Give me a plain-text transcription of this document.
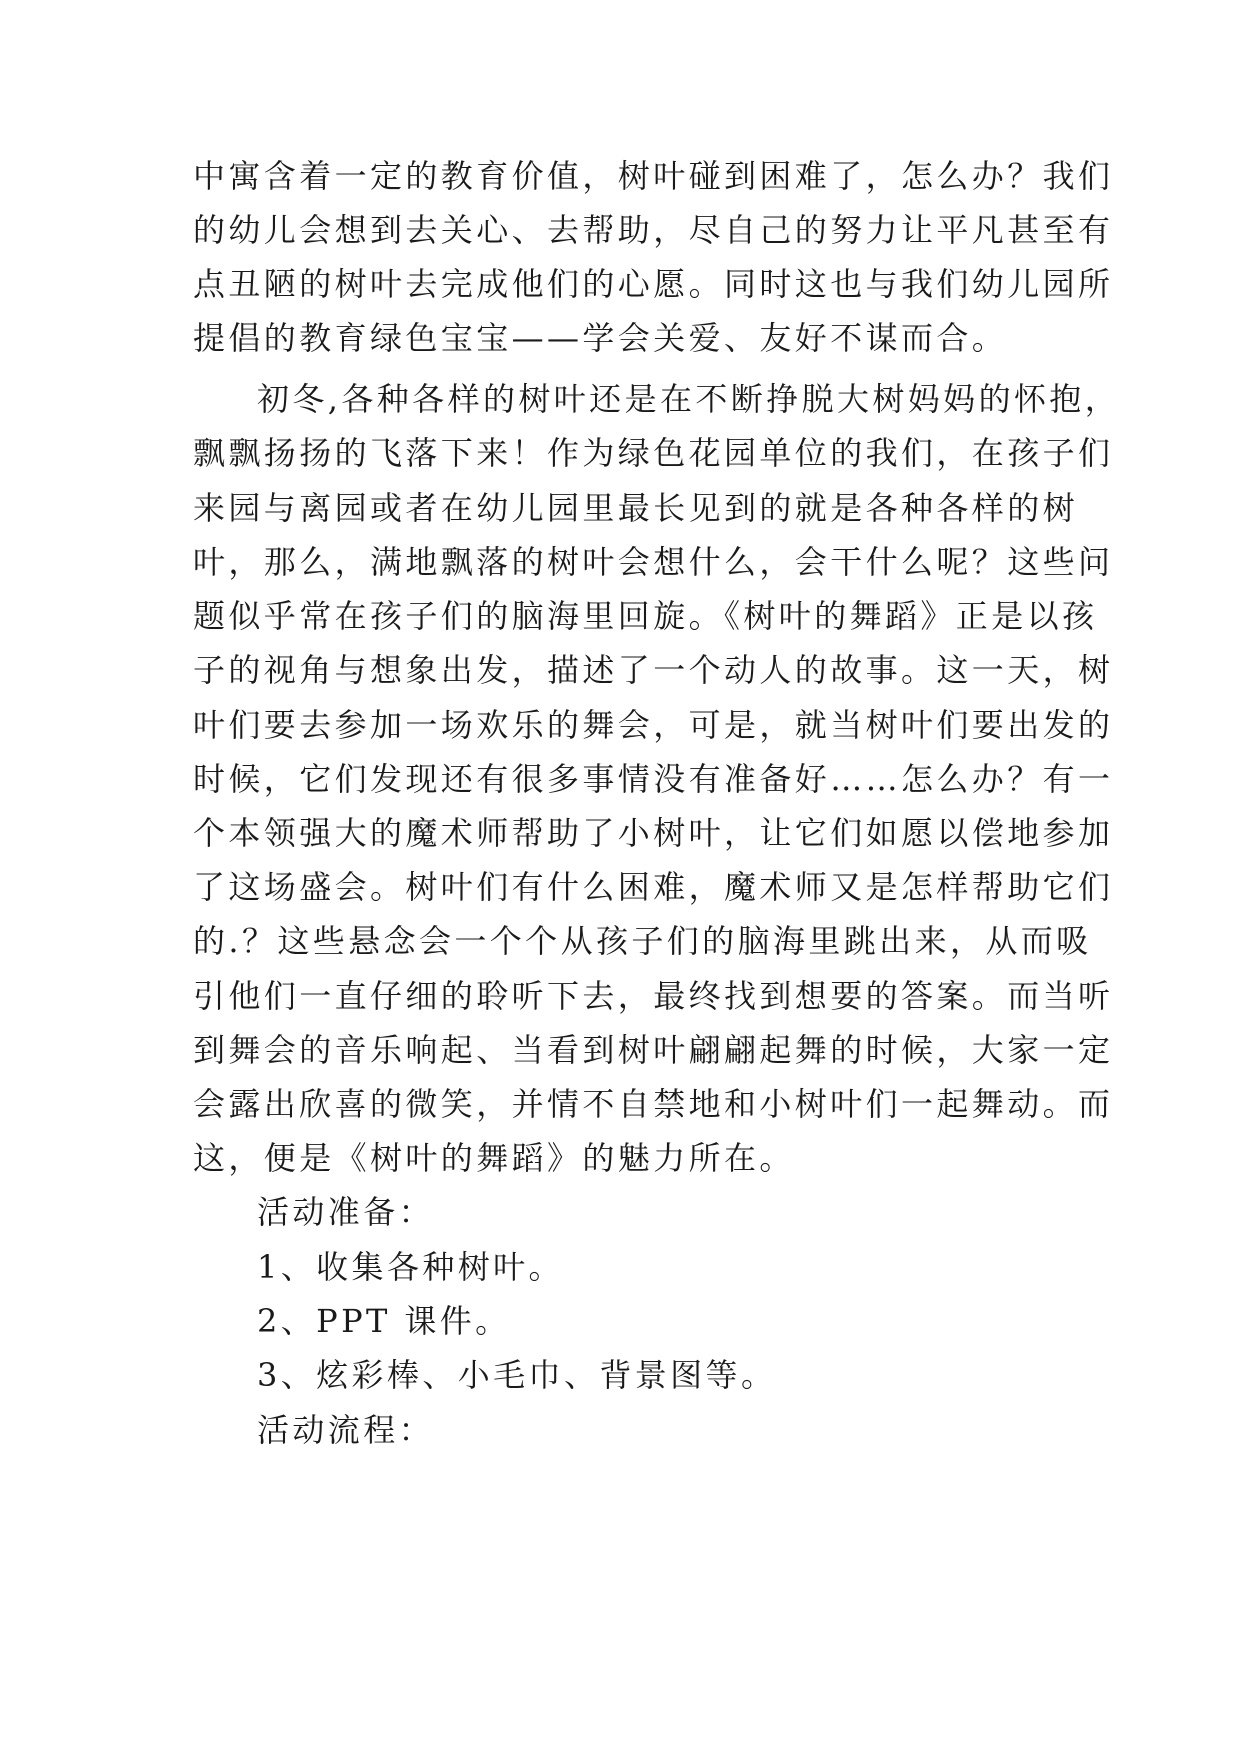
中寓含着一定的教育价值，树叶碰到困难了，怎么办？我们
的幼儿会想到去关心、去帮助，尽自己的努力让平凡甚至有
点丑陋的树叶去完成他们的心愿。同时这也与我们幼儿园所
提倡的教育绿色宝宝——学会关爱、友好不谋而合。
初冬,各种各样的树叶还是在不断挣脱大树妈妈的怀抱，
飘飘扬扬的飞落下来！作为绿色花园单位的我们，在孩子们
来园与离园或者在幼儿园里最长见到的就是各种各样的树
叶，那么，满地飘落的树叶会想什么，会干什么呢？这些问
题似乎常在孩子们的脑海里回旋。《树叶的舞蹈》正是以孩
子的视角与想象出发，描述了一个动人的故事。这一天，树
叶们要去参加一场欢乐的舞会，可是，就当树叶们要出发的
时候，它们发现还有很多事情没有准备好……怎么办？有一
个本领强大的魔术师帮助了小树叶，让它们如愿以偿地参加
了这场盛会。树叶们有什么困难，魔术师又是怎样帮助它们
的.？这些悬念会一个个从孩子们的脑海里跳出来，从而吸
引他们一直仔细的聆听下去，最终找到想要的答案。而当听
到舞会的音乐响起、当看到树叶翩翩起舞的时候，大家一定
会露出欣喜的微笑，并情不自禁地和小树叶们一起舞动。而
这，便是《树叶的舞蹈》的魅力所在。
活动准备：
1、收集各种树叶。
2、PPT 课件。
3、炫彩棒、小毛巾、背景图等。
活动流程：
